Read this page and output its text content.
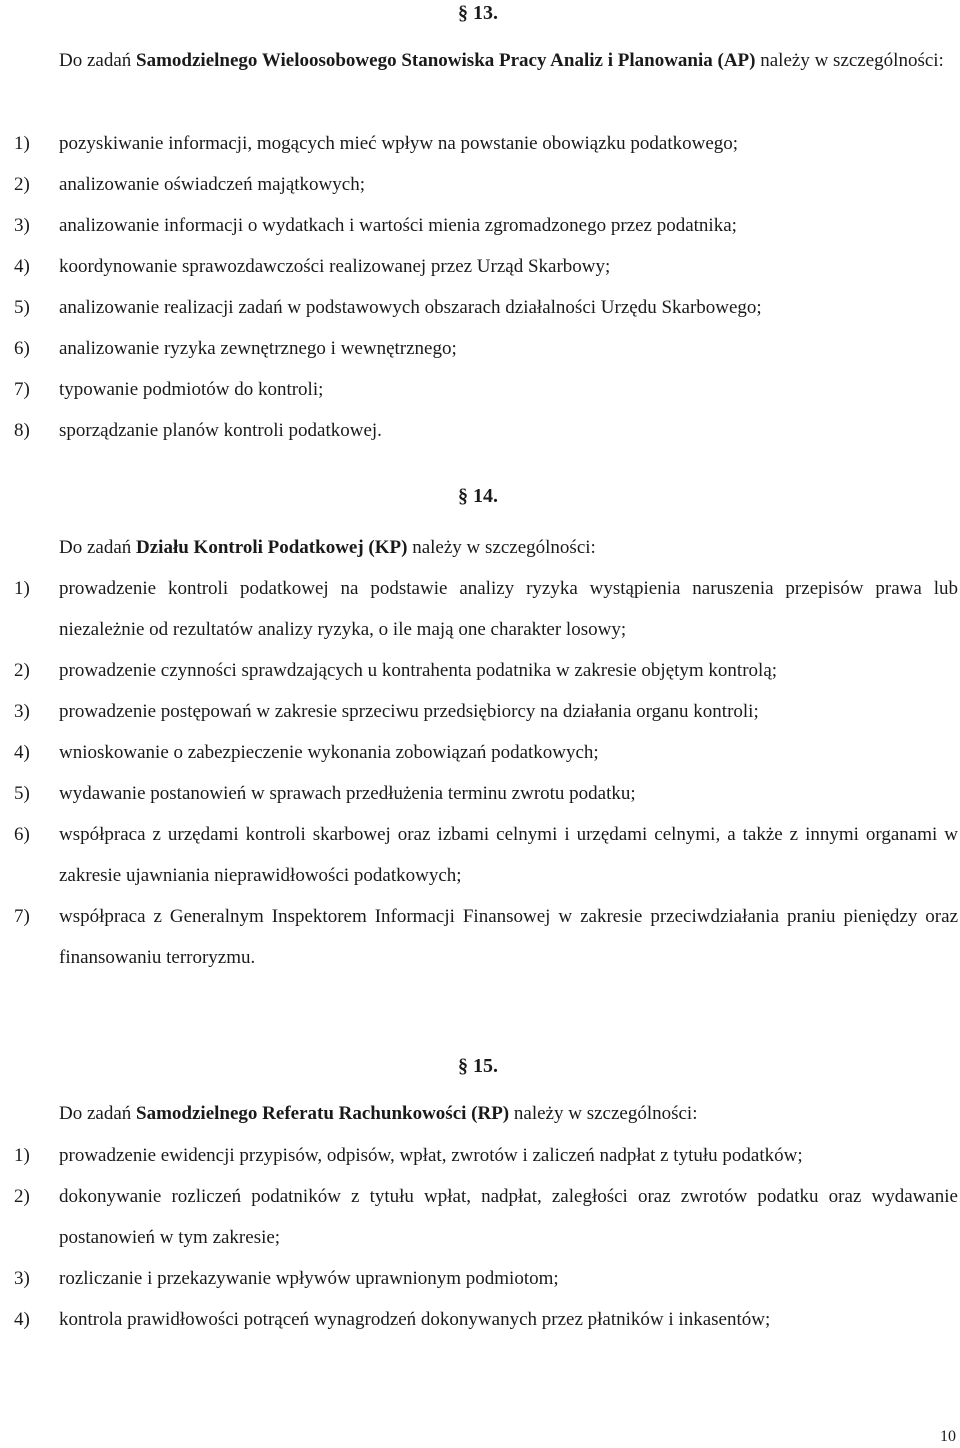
§ 13.

Do zadań Samodzielnego Wieloosobowego Stanowiska Pracy Analiz i Planowania (AP) należy w szczególności:

1) pozyskiwanie informacji, mogących mieć wpływ na powstanie obowiązku podatkowego;
2) analizowanie oświadczeń majątkowych;
3) analizowanie informacji o wydatkach i wartości mienia zgromadzonego przez podatnika;
4) koordynowanie sprawozdawczości realizowanej przez Urząd Skarbowy;
5) analizowanie realizacji zadań w podstawowych obszarach działalności Urzędu Skarbowego;
6) analizowanie ryzyka zewnętrznego i wewnętrznego;
7) typowanie podmiotów do kontroli;
8) sporządzanie planów kontroli podatkowej.
§ 14.

Do zadań Działu Kontroli Podatkowej (KP) należy w szczególności:

1) prowadzenie kontroli podatkowej na podstawie analizy ryzyka wystąpienia naruszenia przepisów prawa lub niezależnie od rezultatów analizy ryzyka, o ile mają one charakter losowy;
2) prowadzenie czynności sprawdzających u kontrahenta podatnika w zakresie objętym kontrolą;
3) prowadzenie postępowań w zakresie sprzeciwu przedsiębiorcy na działania organu kontroli;
4) wnioskowanie o zabezpieczenie wykonania zobowiązań podatkowych;
5) wydawanie postanowień w sprawach przedłużenia terminu zwrotu podatku;
6) współpraca z urzędami kontroli skarbowej oraz izbami celnymi i urzędami celnymi, a także z innymi organami w zakresie ujawniania nieprawidłowości podatkowych;
7) współpraca z Generalnym Inspektorem Informacji Finansowej w zakresie przeciwdziałania praniu pieniędzy oraz finansowaniu terroryzmu.
§ 15.

Do zadań Samodzielnego Referatu Rachunkowości (RP) należy w szczególności:

1) prowadzenie ewidencji przypisów, odpisów, wpłat, zwrotów i zaliczeń nadpłat z tytułu podatków;
2) dokonywanie rozliczeń podatników z tytułu wpłat, nadpłat, zaległości oraz zwrotów podatku oraz wydawanie postanowień w tym zakresie;
3) rozliczanie i przekazywanie wpływów uprawnionym podmiotom;
4) kontrola prawidłowości potrąceń wynagrodzeń dokonywanych przez płatników i inkasentów;
10
